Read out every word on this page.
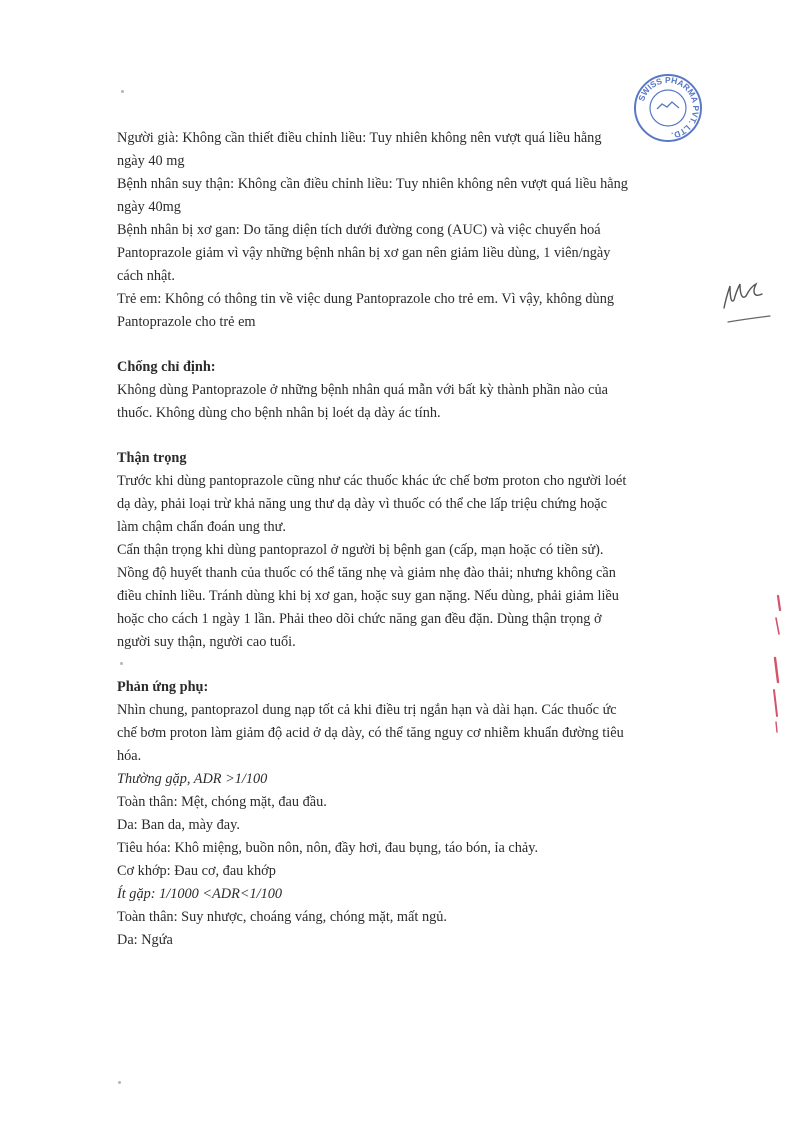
SWISS PHARMA PVT. LTD.

Người già: Không cần thiết điều chỉnh liều: Tuy nhiên không nên vượt quá liều hằng

ngày 40 mg

Bệnh nhân suy thận: Không cần điều chỉnh liều: Tuy nhiên không nên vượt quá liều hằng

ngày 40mg

Bệnh nhân bị xơ gan: Do tăng diện tích dưới đường cong (AUC) và việc chuyển hoá

Pantoprazole giảm vì vậy những bệnh nhân bị xơ gan nên giảm liều dùng, 1 viên/ngày

cách nhật.

Trẻ em: Không có thông tin về việc dung Pantoprazole cho trẻ em. Vì vậy, không dùng

Pantoprazole cho trẻ em

Chống chỉ định:

Không dùng Pantoprazole ở những bệnh nhân quá mẫn với bất kỳ thành phần nào của

thuốc. Không dùng cho bệnh nhân bị loét dạ dày ác tính.

Thận trọng

Trước khi dùng pantoprazole cũng như các thuốc khác ức chế bơm proton cho người loét

dạ dày, phải loại trừ khả năng ung thư dạ dày vì thuốc có thể che lấp triệu chứng hoặc

làm chậm chẩn đoán ung thư.

Cẩn thận trọng khi dùng pantoprazol ở người bị bệnh gan (cấp, mạn hoặc có tiền sử).

Nồng độ huyết thanh của thuốc có thể tăng nhẹ và giảm nhẹ đào thải; nhưng không cần

điều chỉnh liều. Tránh dùng khi bị xơ gan, hoặc suy gan nặng. Nếu dùng, phải giảm liều

hoặc cho cách 1 ngày 1 lần. Phải theo dõi chức năng gan đều đặn. Dùng thận trọng ở

người suy thận, người cao tuổi.

Phản ứng phụ:

Nhìn chung, pantoprazol dung nạp tốt cả khi điều trị ngắn hạn và dài hạn. Các thuốc ức

chế bơm proton làm giảm độ acid ở dạ dày, có thể tăng nguy cơ nhiễm khuẩn đường tiêu

hóa.

Thường gặp, ADR >1/100

Toàn thân: Mệt, chóng mặt, đau đầu.

Da: Ban da, mày đay.

Tiêu hóa: Khô miệng, buồn nôn, nôn, đầy hơi, đau bụng, táo bón, ỉa chảy.

Cơ khớp: Đau cơ, đau khớp

Ít gặp: 1/1000 <ADR<1/100

Toàn thân: Suy nhược, choáng váng, chóng mặt, mất ngủ.

Da: Ngứa
